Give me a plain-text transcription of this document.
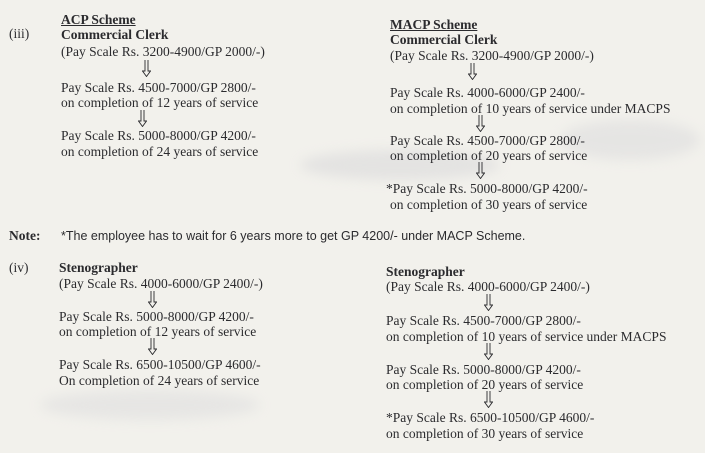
(iii)
ACP Scheme
Commercial Clerk
(Pay Scale Rs. 3200-4900/GP 2000/-)
Pay Scale Rs. 4500-7000/GP 2800/-
on completion of 12 years of service
Pay Scale Rs. 5000-8000/GP 4200/-
on completion of 24 years of service
MACP Scheme
Commercial Clerk
(Pay Scale Rs. 3200-4900/GP 2000/-)
Pay Scale Rs. 4000-6000/GP 2400/-
on completion of 10 years of service under MACPS
Pay Scale Rs. 4500-7000/GP 2800/-
on completion of 20 years of service
*Pay Scale Rs. 5000-8000/GP 4200/-
on completion of 30 years of service
Note: *The employee has to wait for 6 years more to get GP 4200/- under MACP Scheme.
(iv) Stenographer
(Pay Scale Rs. 4000-6000/GP 2400/-)
Pay Scale Rs. 5000-8000/GP 4200/-
on completion of 12 years of service
Pay Scale Rs. 6500-10500/GP 4600/-
On completion of 24 years of service
Stenographer
(Pay Scale Rs. 4000-6000/GP 2400/-)
Pay Scale Rs. 4500-7000/GP 2800/-
on completion of 10 years of service under MACPS
Pay Scale Rs. 5000-8000/GP 4200/-
on completion of 20 years of service
*Pay Scale Rs. 6500-10500/GP 4600/-
on completion of 30 years of service
